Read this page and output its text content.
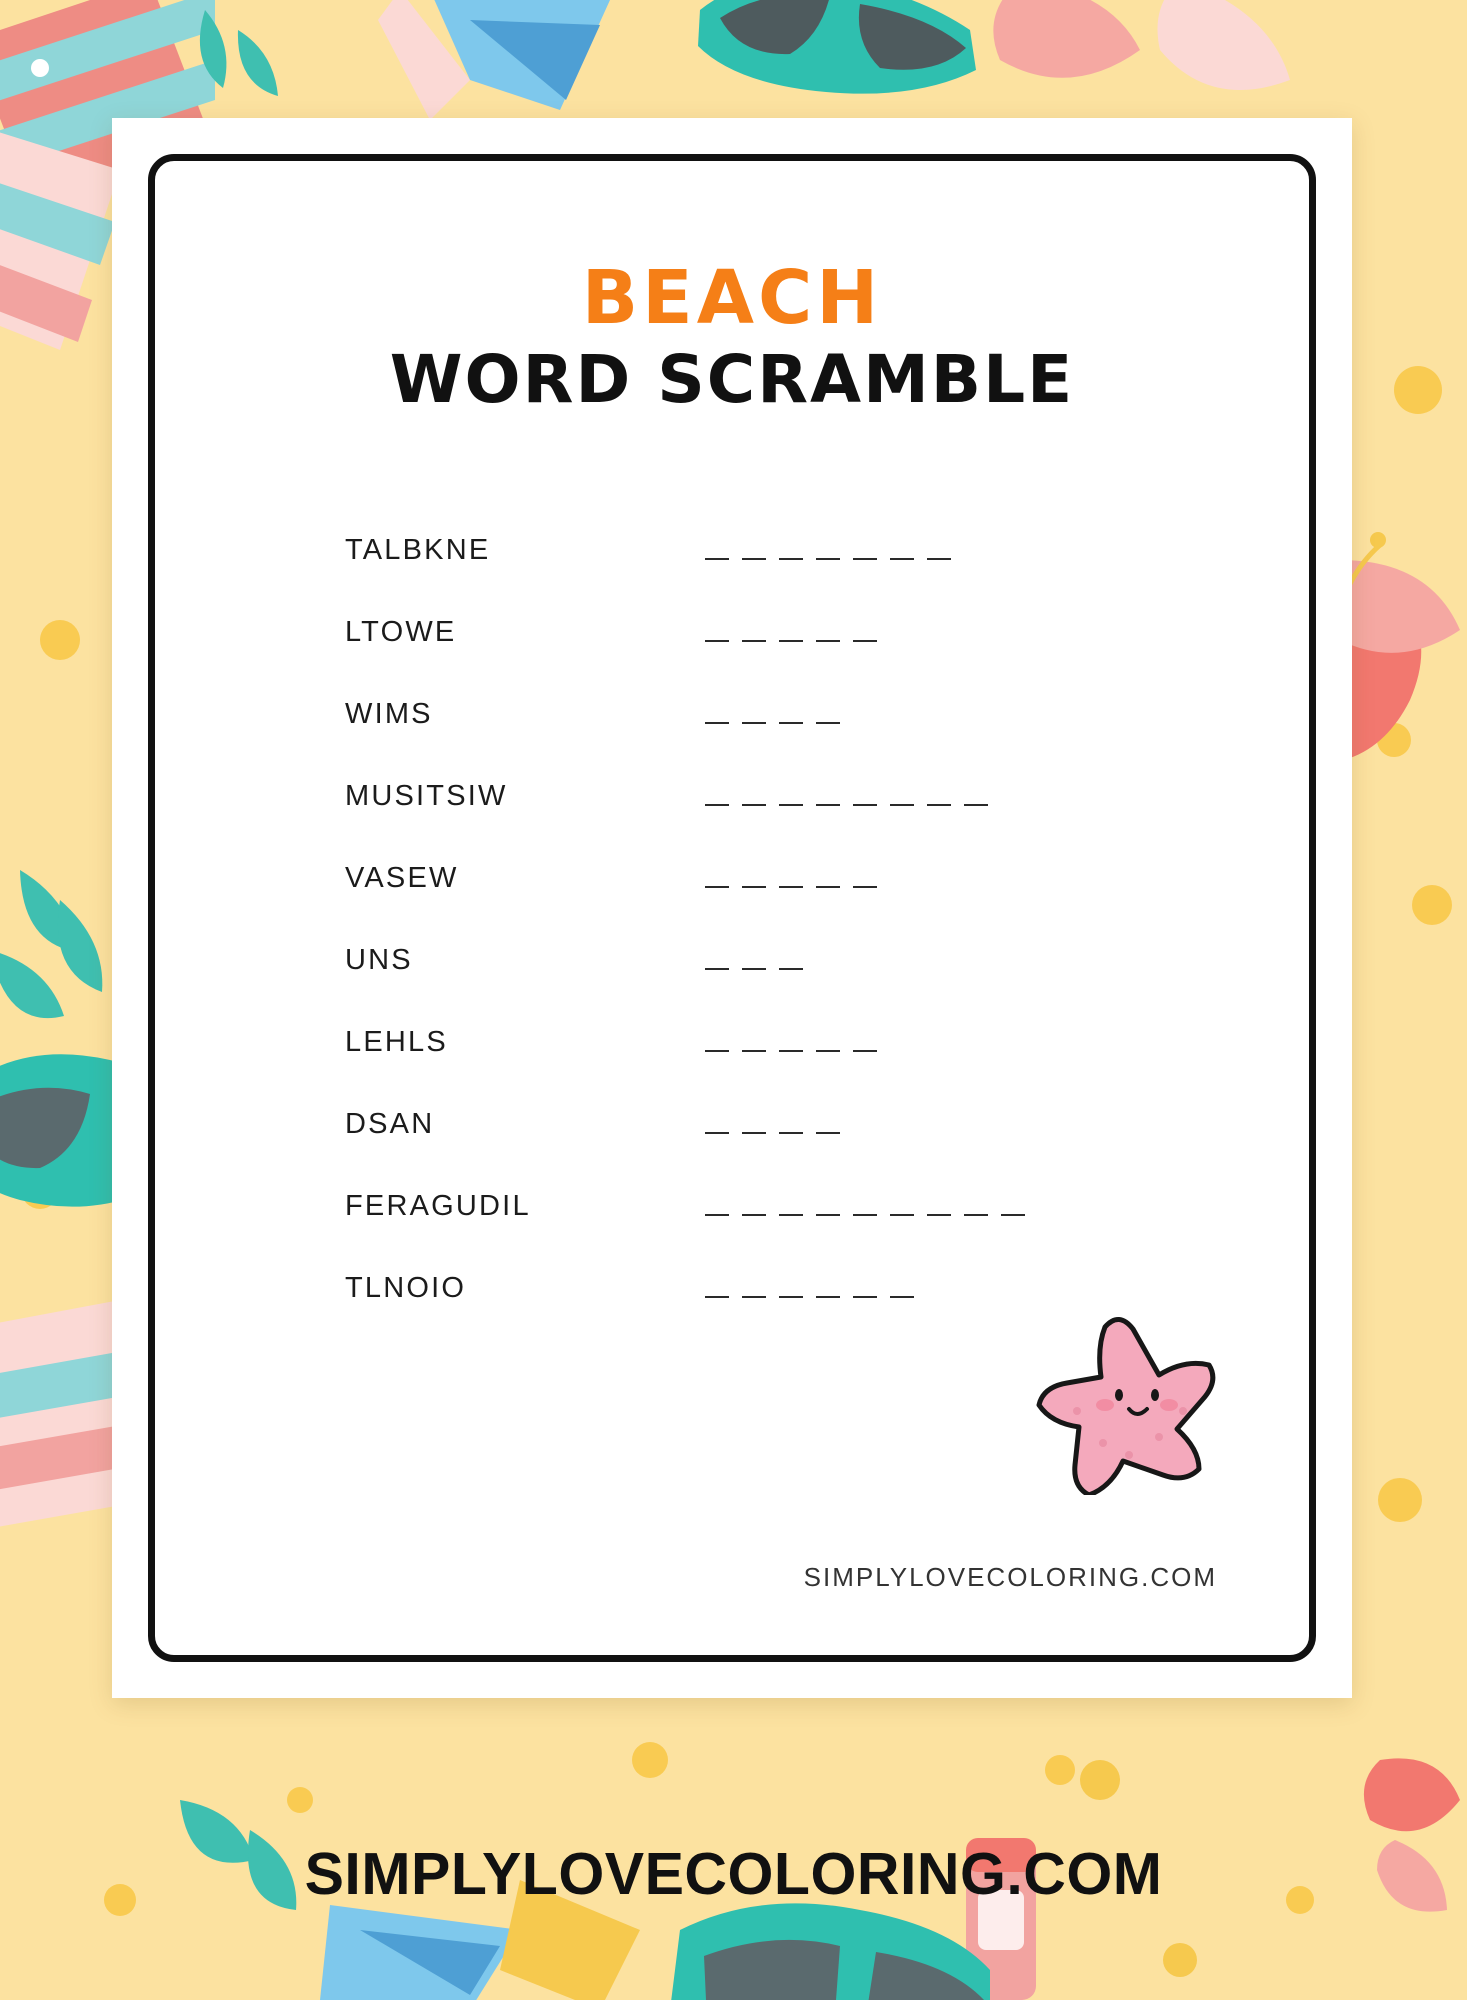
BEACH
WORD SCRAMBLE
TALBKNE
LTOWE
WIMS
MUSITSIW
VASEW
UNS
LEHLS
DSAN
FERAGUDIL
TLNOIO
SIMPLYLOVECOLORING.COM
SIMPLYLOVECOLORING.COM
